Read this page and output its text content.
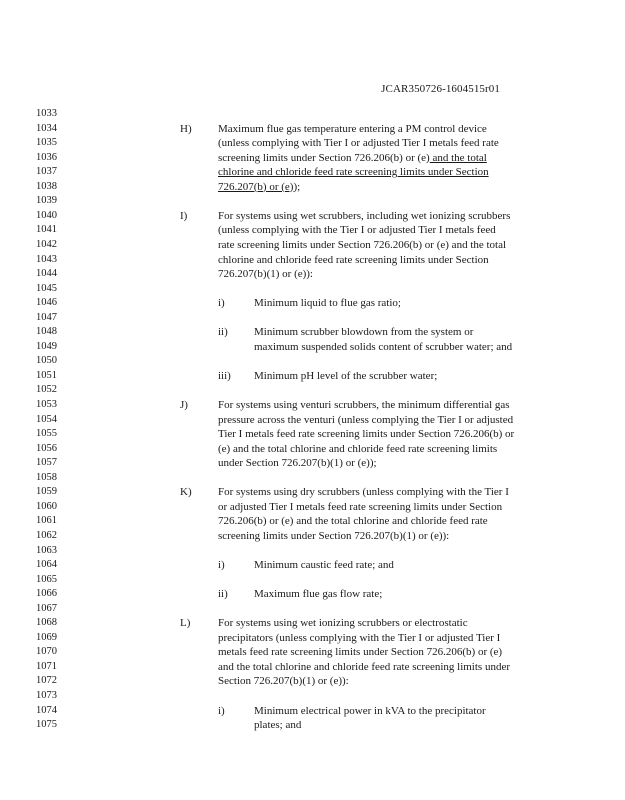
JCAR350726-1604515r01
1033
1034	H) Maximum flue gas temperature entering a PM control device
1035	(unless complying with Tier I or adjusted Tier I metals feed rate
1036	screening limits under Section 726.206(b) or (e) and the total
1037	chlorine and chloride feed rate screening limits under Section
1038	726.207(b) or (e));
1039
1040	I)	For systems using wet scrubbers, including wet ionizing scrubbers
1041	(unless complying with the Tier I or adjusted Tier I metals feed
1042	rate screening limits under Section 726.206(b) or (e) and the total
1043	chlorine and chloride feed rate screening limits under Section
1044	726.207(b)(1) or (e)):
1045
1046	i)	Minimum liquid to flue gas ratio;
1047
1048	ii) Minimum scrubber blowdown from the system or
1049	maximum suspended solids content of scrubber water; and
1050
1051	iii) Minimum pH level of the scrubber water;
1052
1053	J)	For systems using venturi scrubbers, the minimum differential gas
1054	pressure across the venturi (unless complying the Tier I or adjusted
1055	Tier I metals feed rate screening limits under Section 726.206(b) or
1056	(e) and the total chlorine and chloride feed rate screening limits
1057	under Section 726.207(b)(1) or (e));
1058
1059	K) For systems using dry scrubbers (unless complying with the Tier I
1060	or adjusted Tier I metals feed rate screening limits under Section
1061	726.206(b) or (e) and the total chlorine and chloride feed rate
1062	screening limits under Section 726.207(b)(1) or (e)):
1063
1064	i)	Minimum caustic feed rate; and
1065
1066	ii) Maximum flue gas flow rate;
1067
1068	L)	For systems using wet ionizing scrubbers or electrostatic
1069	precipitators (unless complying with the Tier I or adjusted Tier I
1070	metals feed rate screening limits under Section 726.206(b) or (e)
1071	and the total chlorine and chloride feed rate screening limits under
1072	Section 726.207(b)(1) or (e)):
1073
1074	i)	Minimum electrical power in kVA to the precipitator
1075	plates; and
